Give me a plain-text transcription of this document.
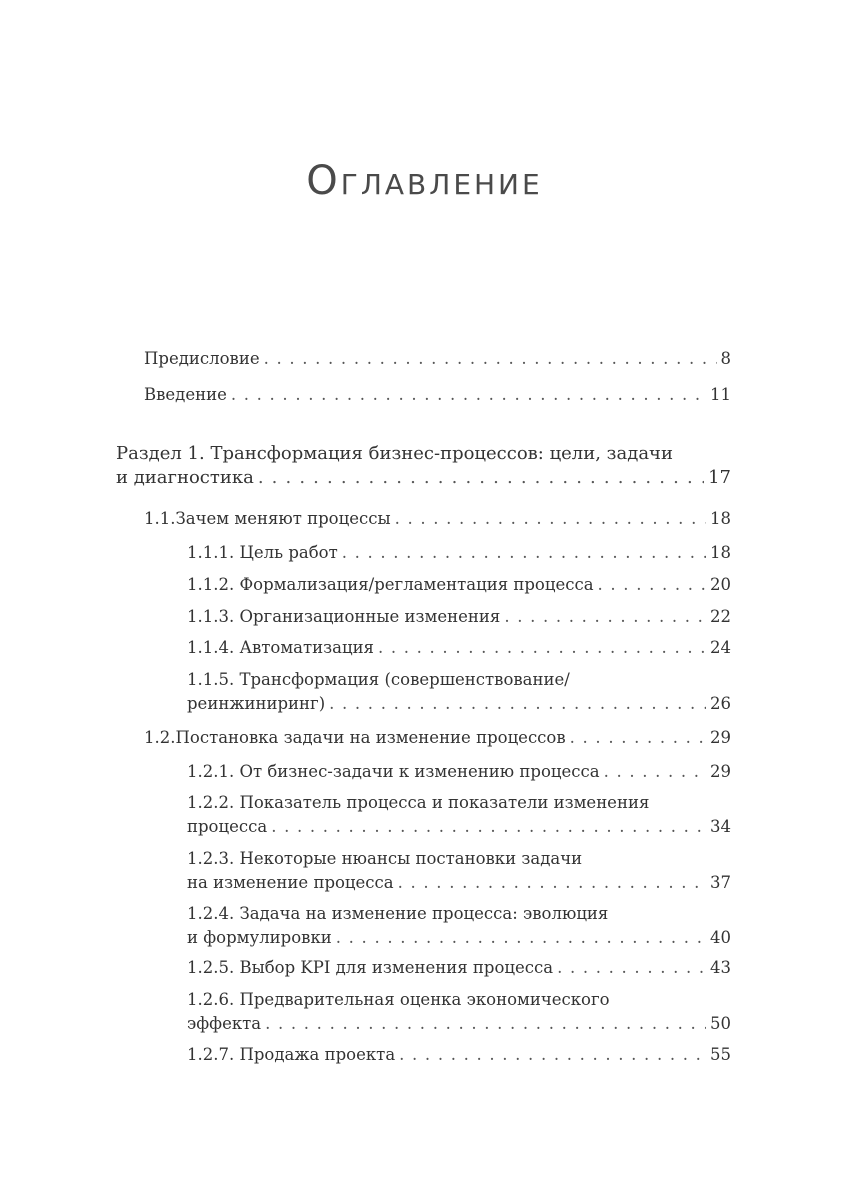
Оглавление
Предисловие . . .	8
Введение . . .	11
Раздел 1. Трансформация бизнес-процессов: цели, задачи
и диагностика . . .	17
1.1. Зачем меняют процессы . . .	18
1.1.1. Цель работ . . .	18
1.1.2. Формализация/регламентация процесса . . .	20
1.1.3. Организационные изменения . . .	22
1.1.4. Автоматизация . . .	24
1.1.5. Трансформация (совершенствование/
реинжиниринг) . . .	26
1.2. Постановка задачи на изменение процессов . . .	29
1.2.1. От бизнес-задачи к изменению процесса . . .	29
1.2.2. Показатель процесса и показатели изменения
процесса . . .	34
1.2.3. Некоторые нюансы постановки задачи
на изменение процесса . . .	37
1.2.4. Задача на изменение процесса: эволюция
и формулировки . . .	40
1.2.5. Выбор KPI для изменения процесса . . .	43
1.2.6. Предварительная оценка экономического
эффекта . . .	50
1.2.7. Продажа проекта . . .	55
